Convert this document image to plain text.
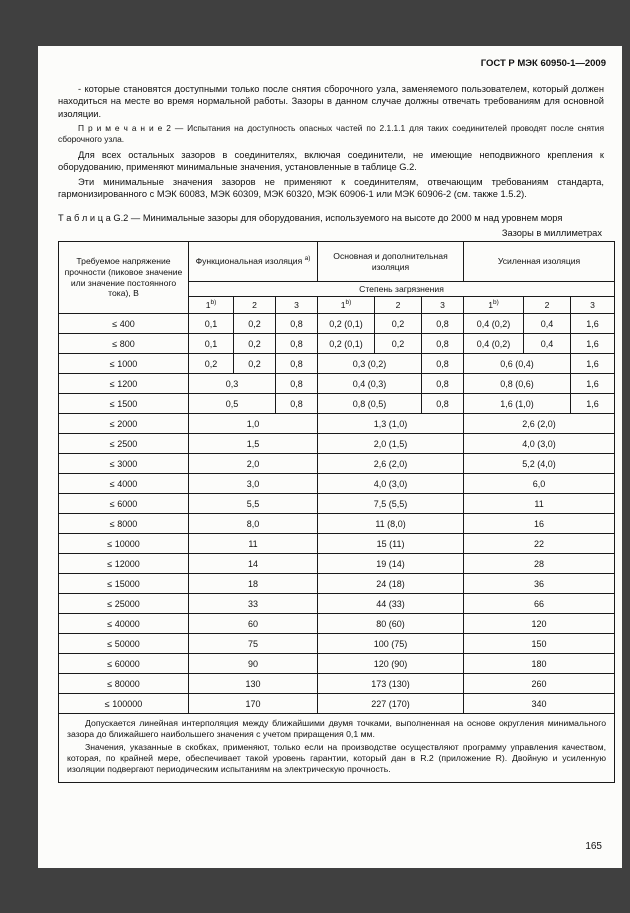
ГОСТ Р МЭК 60950-1—2009

- которые становятся доступными только после снятия сборочного узла, заменяемого пользователем, который должен находиться на месте во время нормальной работы. Зазоры в данном случае должны отвечать требованиям для основной изоляции.

П р и м е ч а н и е 2 — Испытания на доступность опасных частей по 2.1.1.1 для таких соединителей проводят после снятия сборочного узла.

Для всех остальных зазоров в соединителях, включая соединители, не имеющие неподвижного крепления к оборудованию, применяют минимальные значения, установленные в таблице G.2.

Эти минимальные значения зазоров не применяют к соединителям, отвечающим требованиям стандарта, гармонизированного с МЭК 60083, МЭК 60309, МЭК 60320, МЭК 60906-1 или МЭК 60906-2 (см. также 1.5.2).

Т а б л и ц а G.2 — Минимальные зазоры для оборудования, используемого на высоте до 2000 м над уровнем моря

Зазоры в миллиметрах
Требуемое напряжение прочности (пиковое значение или значение постоянного тока), В	Функциональная изоляция $^{а)}$			Основная и дополнительная изоляция			Усиленная изоляция		
	Степень загрязнения								
	1$^{b)}$	2	3	1$^{b)}$	2	3	1$^{b)}$	2	3
≤ 400	0,1	0,2	0,8	0,2 (0,1)	0,2	0,8	0,4 (0,2)	0,4	1,6
≤ 800	0,1	0,2	0,8	0,2 (0,1)	0,2	0,8	0,4 (0,2)	0,4	1,6
≤ 1000	0,2	0,2	0,8	0,3 (0,2)		0,8	0,6 (0,4)		1,6
≤ 1200	0,3		0,8	0,4 (0,3)		0,8	0,8 (0,6)		1,6
≤ 1500	0,5		0,8	0,8 (0,5)		0,8	1,6 (1,0)		1,6
≤ 2000	1,0			1,3 (1,0)			2,6 (2,0)		
≤ 2500	1,5			2,0 (1,5)			4,0 (3,0)		
≤ 3000	2,0			2,6 (2,0)			5,2 (4,0)		
≤ 4000	3,0			4,0 (3,0)			6,0		
≤ 6000	5,5			7,5 (5,5)			11		
≤ 8000	8,0			11 (8,0)			16		
≤ 10000	11			15 (11)			22		
≤ 12000	14			19 (14)			28		
≤ 15000	18			24 (18)			36		
≤ 25000	33			44 (33)			66		
≤ 40000	60			80 (60)			120		
≤ 50000	75			100 (75)			150		
≤ 60000	90			120 (90)			180		
≤ 80000	130			173 (130)			260		
≤ 100000	170			227 (170)			340		

Допускается линейная интерполяция между ближайшими двумя точками, выполненная на основе округления минимального зазора до ближайшего наибольшего значения с учетом приращения 0,1 мм.

Значения, указанные в скобках, применяют, только если на производстве осуществляют программу управления качеством, которая, по крайней мере, обеспечивает такой уровень гарантии, который дан в R.2 (приложение R). Двойную и усиленную изоляции подвергают периодическим испытаниям на электрическую прочность.									

165
